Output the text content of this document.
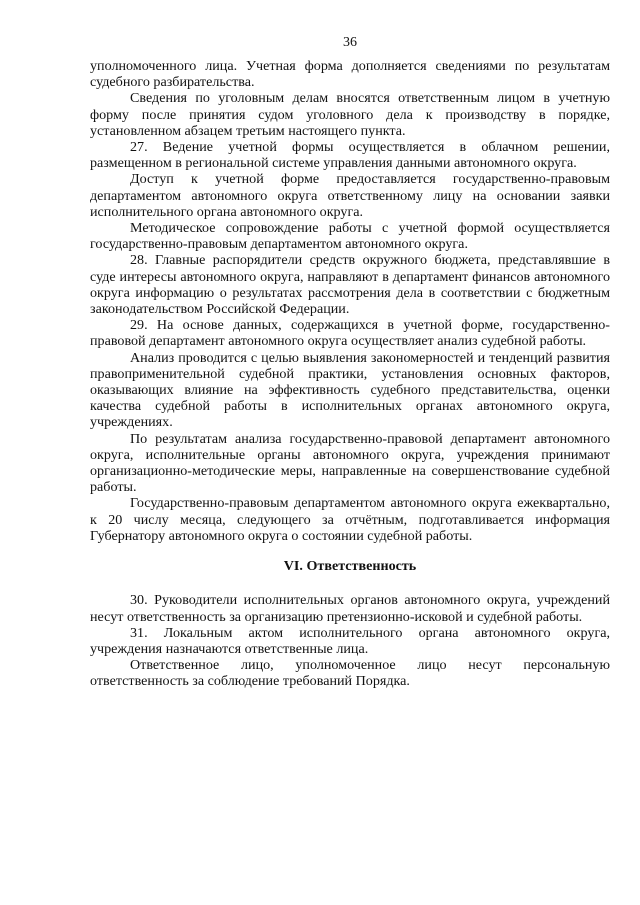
36

уполномоченного лица. Учетная форма дополняется сведениями по результатам судебного разбирательства.

Сведения по уголовным делам вносятся ответственным лицом в учетную форму после принятия судом уголовного дела к производству в порядке, установленном абзацем третьим настоящего пункта.

27. Ведение учетной формы осуществляется в облачном решении, размещенном в региональной системе управления данными автономного округа.

Доступ к учетной форме предоставляется государственно-правовым департаментом автономного округа ответственному лицу на основании заявки исполнительного органа автономного округа.

Методическое сопровождение работы с учетной формой осуществляется государственно-правовым департаментом автономного округа.

28. Главные распорядители средств окружного бюджета, представлявшие в суде интересы автономного округа, направляют в департамент финансов автономного округа информацию о результатах рассмотрения дела в соответствии с бюджетным законодательством Российской Федерации.

29. На основе данных, содержащихся в учетной форме, государственно-правовой департамент автономного округа осуществляет анализ судебной работы.

Анализ проводится с целью выявления закономерностей и тенденций развития правоприменительной судебной практики, установления основных факторов, оказывающих влияние на эффективность судебного представительства, оценки качества судебной работы в исполнительных органах автономного округа, учреждениях.

По результатам анализа государственно-правовой департамент автономного округа, исполнительные органы автономного округа, учреждения принимают организационно-методические меры, направленные на совершенствование судебной работы.

Государственно-правовым департаментом автономного округа ежеквартально, к 20 числу месяца, следующего за отчётным, подготавливается информация Губернатору автономного округа о состоянии судебной работы.

VI. Ответственность

30. Руководители исполнительных органов автономного округа, учреждений несут ответственность за организацию претензионно-исковой и судебной работы.

31. Локальным актом исполнительного органа автономного округа, учреждения назначаются ответственные лица.

Ответственное лицо, уполномоченное лицо несут персональную ответственность за соблюдение требований Порядка.
